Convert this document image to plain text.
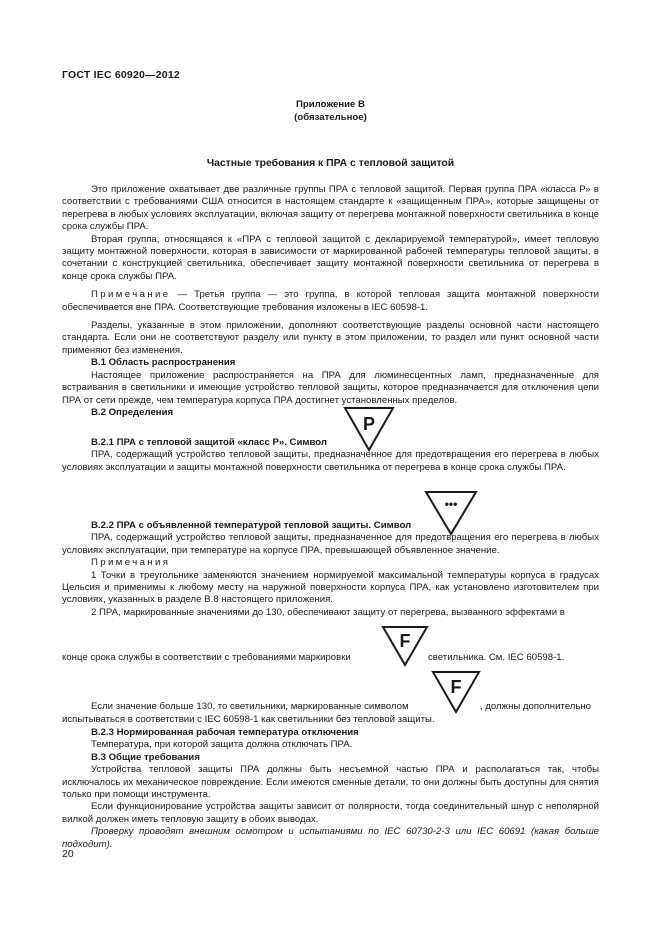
ГОСТ IEC 60920—2012
Приложение В
(обязательное)
Частные требования к ПРА с тепловой защитой

Это приложение охватывает две различные группы ПРА с тепловой защитой. Первая группа ПРА «класса Р» в соответствии с требованиями США относится в настоящем стандарте к «защищенным ПРА», которые защищены от перегрева в любых условиях эксплуатации, включая защиту от перегрева монтажной поверхности светильника в конце срока службы ПРА.

Вторая группа, относящаяся к «ПРА с тепловой защитой с декларируемой температурой», имеет тепловую защиту монтажной поверхности, которая в зависимости от маркированной рабочей температуры тепловой защиты, в сочетании с конструкцией светильника, обеспечивает защиту монтажной поверхности светильника от перегрева в конце срока службы ПРА.

Примечание — Третья группа — это группа, в которой тепловая защита монтажной поверхности обеспечивается вне ПРА. Соответствующие требования изложены в IEC 60598-1.

Разделы, указанные в этом приложении, дополняют соответствующие разделы основной части настоящего стандарта. Если они не соответствуют разделу или пункту в этом приложении, то раздел или пункт основной части применяют без изменения.

В.1 Область распространения

Настоящее приложение распространяется на ПРА для люминесцентных ламп, предназначенные для встраивания в светильники и имеющие устройство тепловой защиты, которое предназначается для отключения цепи ПРА от сети прежде, чем температура корпуса ПРА достигнет установленных пределов.

В.2 Определения

P

В.2.1 ПРА с тепловой защитой «класс Р». Символ

ПРА, содержащий устройство тепловой защиты, предназначенное для предотвращения его перегрева в любых условиях эксплуатации и защиты монтажной поверхности светильника от перегрева в конце срока службы ПРА.

•••

В.2.2 ПРА с объявленной температурой тепловой защиты. Символ

ПРА, содержащий устройство тепловой защиты, предназначенное для предотвращения его перегрева в любых условиях эксплуатации, при температуре на корпусе ПРА, превышающей объявленное значение.

Примечания

1 Точки в треугольнике заменяются значением нормируемой максимальной температуры корпуса в градусах Цельсия и применимы к любому месту на наружной поверхности корпуса ПРА, как установлено изготовителем при условиях, указанных в разделе В.8 настоящего приложения.

2 ПРА, маркированные значениями до 130, обеспечивают защиту от перегрева, вызванного эффектами в

F
конце срока службы в соответствии с требованиями маркировки	светильника. См. IEC 60598-1.
F
Если значение больше 130, то светильники, маркированные символом	, должны дополнительно
испытываться в соответствии с IEC 60598-1 как светильники без тепловой защиты.

В.2.3 Нормированная рабочая температура отключения

Температура, при которой защита должна отключать ПРА.

В.3 Общие требования

Устройства тепловой защиты ПРА должны быть несъемной частью ПРА и располагаться так, чтобы исключалось их механическое повреждение. Если имеются сменные детали, то они должны быть доступны для снятия только при помощи инструмента.

Если функционирование устройства защиты зависит от полярности, тогда соединительный шнур с неполярной вилкой должен иметь тепловую защиту в обоих выводах.

Проверку проводят внешним осмотром и испытаниями по IEC 60730-2-3 или IEC 60691 (какая больше подходит).

20
